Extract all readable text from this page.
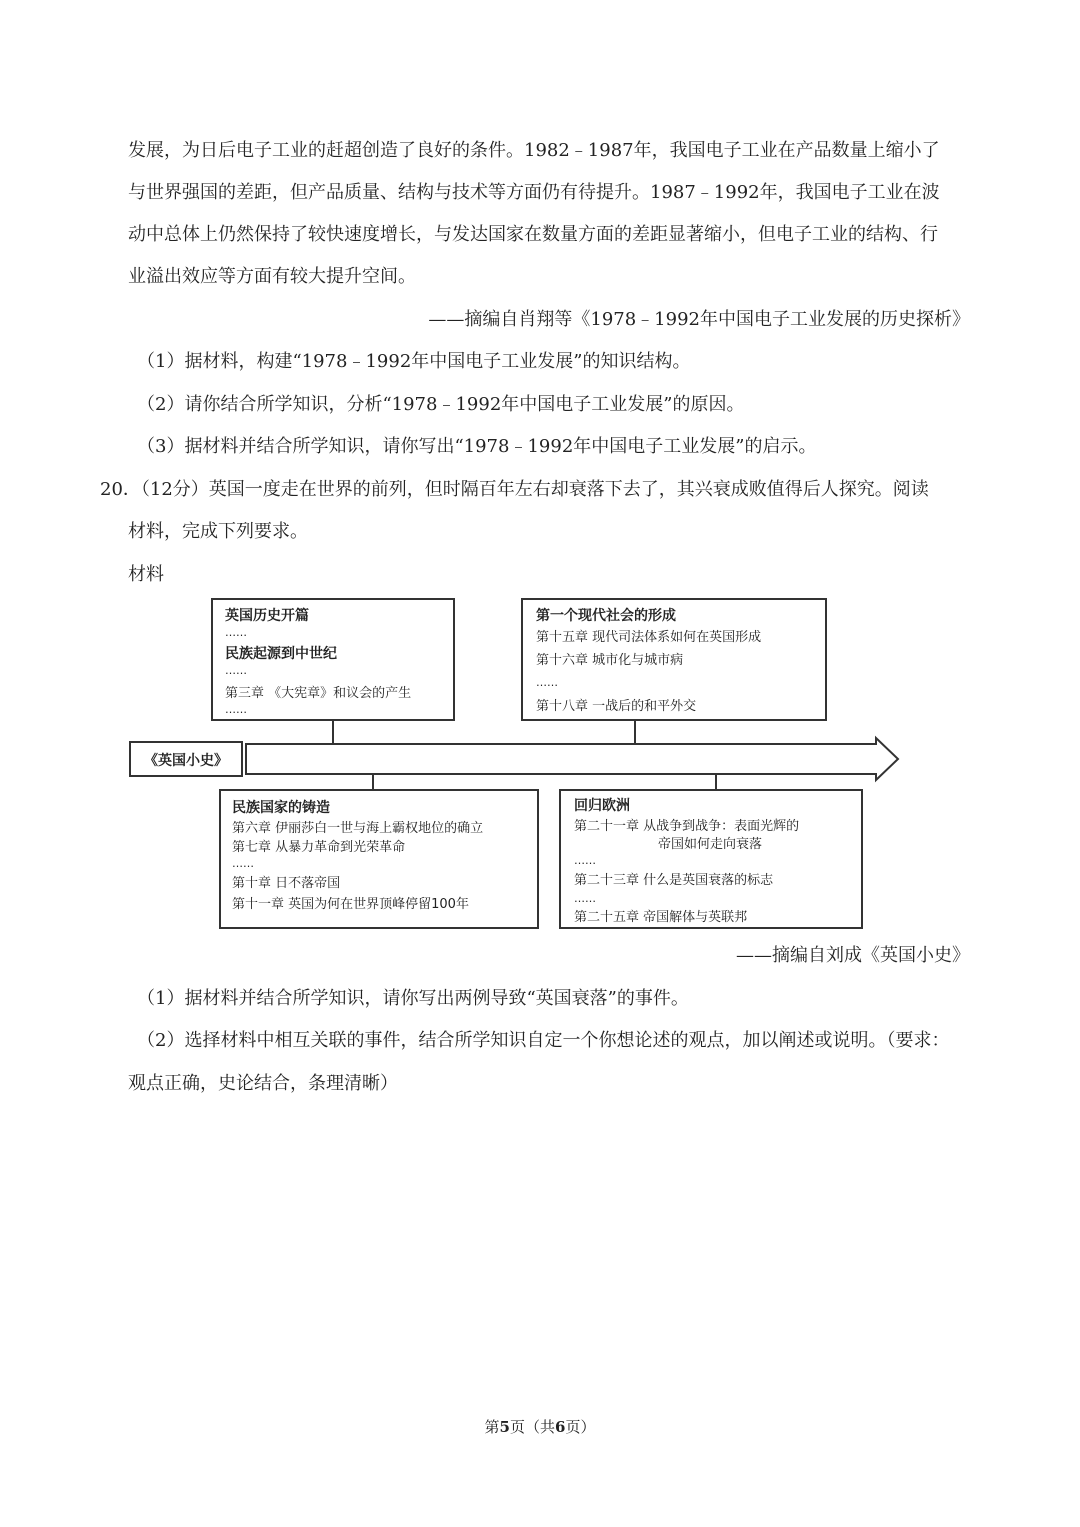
发展，为日后电子工业的赶超创造了良好的条件。1982﹣1987年，我国电子工业在产品数量上缩小了
与世界强国的差距，但产品质量、结构与技术等方面仍有待提升。1987﹣1992年，我国电子工业在波
动中总体上仍然保持了较快速度增长，与发达国家在数量方面的差距显著缩小，但电子工业的结构、行
业溢出效应等方面有较大提升空间。
——摘编自肖翔等《1978﹣1992年中国电子工业发展的历史探析》
（1）据材料，构建“1978﹣1992年中国电子工业发展”的知识结构。
（2）请你结合所学知识，分析“1978﹣1992年中国电子工业发展”的原因。
（3）据材料并结合所学知识，请你写出“1978﹣1992年中国电子工业发展”的启示。
20．（12分）英国一度走在世界的前列，但时隔百年左右却衰落下去了，其兴衰成败值得后人探究。阅读
材料，完成下列要求。
材料
《英国小史》
英国历史开篇
……
民族起源到中世纪
……
第三章 《大宪章》和议会的产生
……
第一个现代社会的形成
第十五章 现代司法体系如何在英国形成
第十六章 城市化与城市病
……
第十八章 一战后的和平外交
民族国家的铸造
第六章 伊丽莎白一世与海上霸权地位的确立
第七章 从暴力革命到光荣革命
……
第十章 日不落帝国
第十一章 英国为何在世界顶峰停留100年
回归欧洲
第二十一章 从战争到战争：表面光辉的
帝国如何走向衰落
……
第二十三章 什么是英国衰落的标志
……
第二十五章 帝国解体与英联邦
——摘编自刘成《英国小史》
（1）据材料并结合所学知识，请你写出两例导致“英国衰落”的事件。
（2）选择材料中相互关联的事件，结合所学知识自定一个你想论述的观点，加以阐述或说明。（要求：
观点正确，史论结合，条理清晰）
第5页（共6页）
